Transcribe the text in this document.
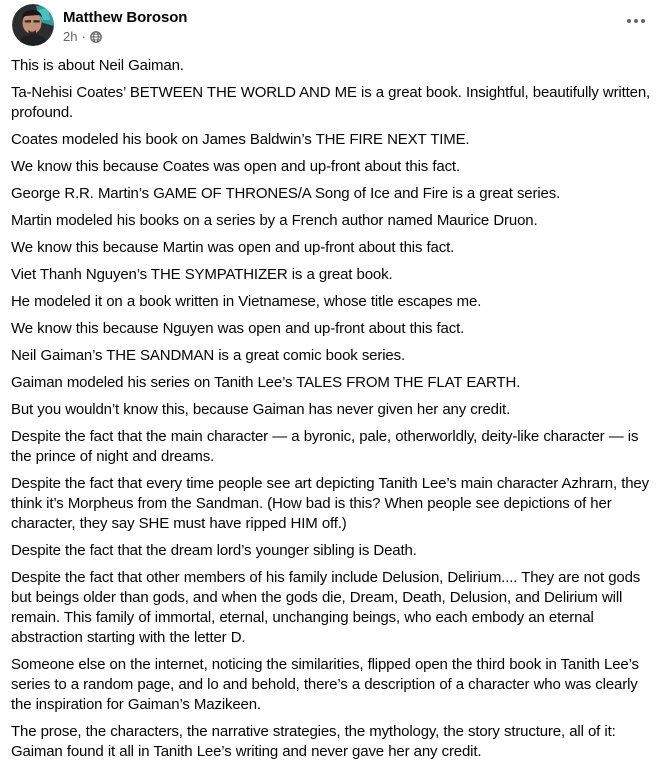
Matthew Boroson
2h ·

This is about Neil Gaiman.

Ta-Nehisi Coates’ BETWEEN THE WORLD AND ME is a great book. Insightful, beautifully written, profound.

Coates modeled his book on James Baldwin’s THE FIRE NEXT TIME.

We know this because Coates was open and up-front about this fact.

George R.R. Martin’s GAME OF THRONES/A Song of Ice and Fire is a great series.

Martin modeled his books on a series by a French author named Maurice Druon.

We know this because Martin was open and up-front about this fact.

Viet Thanh Nguyen’s THE SYMPATHIZER is a great book.

He modeled it on a book written in Vietnamese, whose title escapes me.

We know this because Nguyen was open and up-front about this fact.

Neil Gaiman’s THE SANDMAN is a great comic book series.

Gaiman modeled his series on Tanith Lee’s TALES FROM THE FLAT EARTH.

But you wouldn’t know this, because Gaiman has never given her any credit.

Despite the fact that the main character — a byronic, pale, otherworldly, deity-like character — is the prince of night and dreams.

Despite the fact that every time people see art depicting Tanith Lee’s main character Azhrarn, they think it’s Morpheus from the Sandman. (How bad is this? When people see depictions of her character, they say SHE must have ripped HIM off.)

Despite the fact that the dream lord’s younger sibling is Death.

Despite the fact that other members of his family include Delusion, Delirium.... They are not gods but beings older than gods, and when the gods die, Dream, Death, Delusion, and Delirium will remain. This family of immortal, eternal, unchanging beings, who each embody an eternal abstraction starting with the letter D.

Someone else on the internet, noticing the similarities, flipped open the third book in Tanith Lee’s series to a random page, and lo and behold, there’s a description of a character who was clearly the inspiration for Gaiman’s Mazikeen.

The prose, the characters, the narrative strategies, the mythology, the story structure, all of it: Gaiman found it all in Tanith Lee’s writing and never gave her any credit.
